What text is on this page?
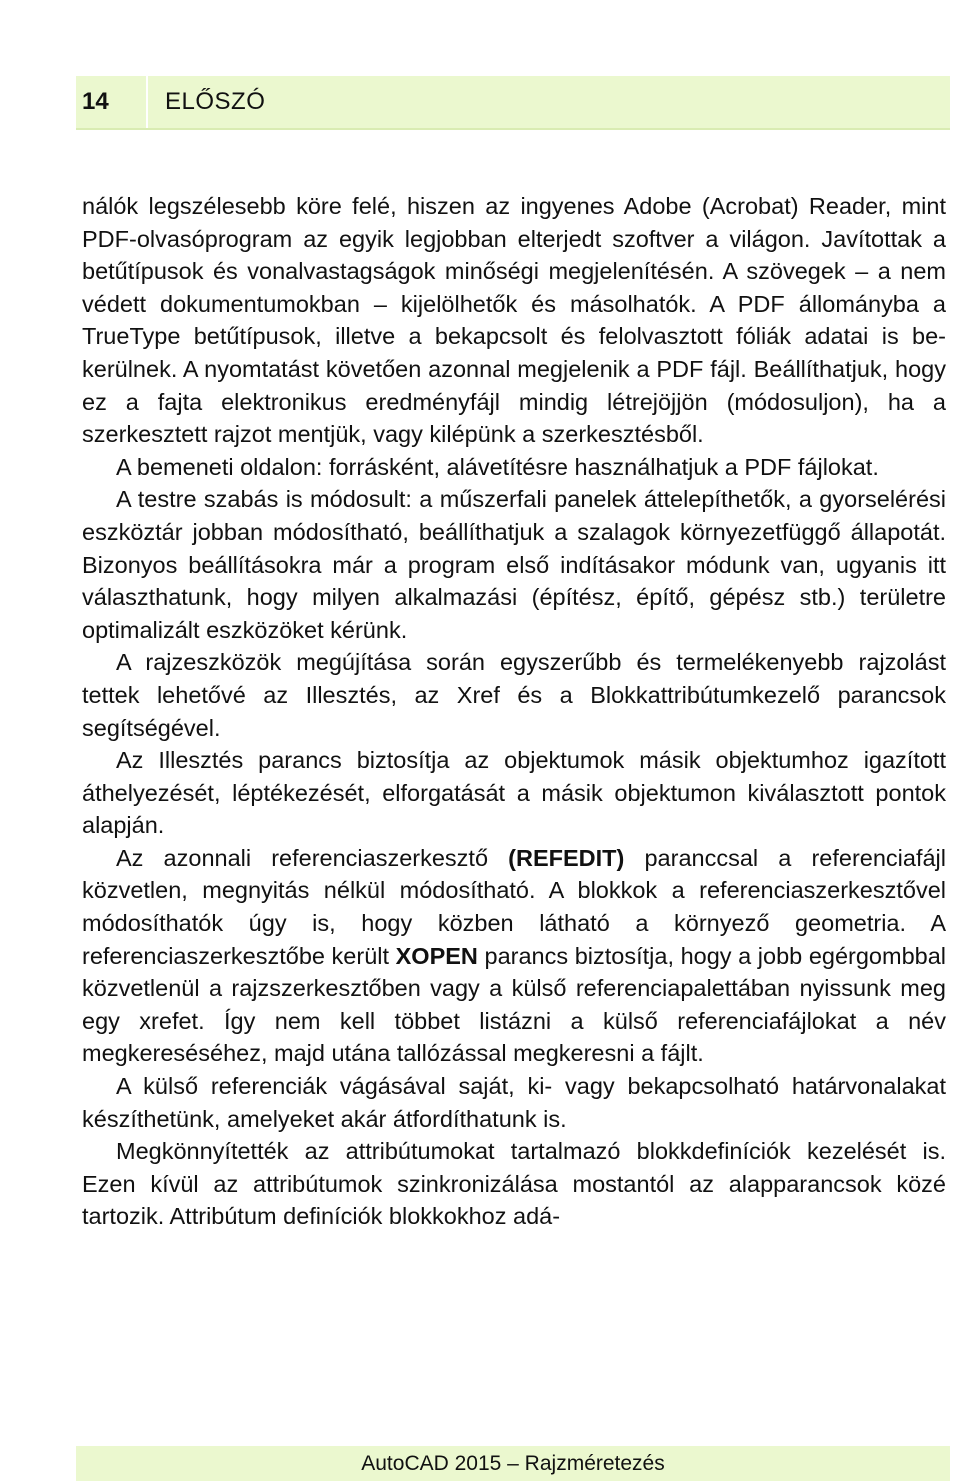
14 ELŐSZÓ

nálók legszélesebb köre felé, hiszen az ingyenes Adobe (Acrobat) Reader, mint PDF-olvasóprogram az egyik legjobban elterjedt szoftver a világon. Javítottak a betűtípusok és vonalvastagságok minőségi megjelenítésén. A szövegek – a nem védett dokumentumokban – kijelölhetők és másolhatók. A PDF állományba a TrueType betűtípusok, illetve a bekapcsolt és felolvasztott fóliák adatai is bekerülnek. A nyomtatást követően azonnal megjelenik a PDF fájl. Beállíthatjuk, hogy ez a fajta elektronikus eredményfájl mindig létrejöjjön (módosuljon), ha a szerkesztett rajzot mentjük, vagy kilépünk a szerkesztésből.

A bemeneti oldalon: forrásként, alávetítésre használhatjuk a PDF fájlokat.

A testre szabás is módosult: a műszerfali panelek áttelepíthetők, a gyorselérési eszköztár jobban módosítható, beállíthatjuk a szalagok környezetfüggő állapotát. Bizonyos beállításokra már a program első indításakor módunk van, ugyanis itt választhatunk, hogy milyen alkalmazási (építész, építő, gépész stb.) területre optimalizált eszközöket kérünk.

A rajzeszközök megújítása során egyszerűbb és termelékenyebb rajzolást tettek lehetővé az Illesztés, az Xref és a Blokkattribútumkezelő parancsok segítségével.

Az Illesztés parancs biztosítja az objektumok másik objektumhoz igazított áthelyezését, léptékezését, elforgatását a másik objektumon kiválasztott pontok alapján.

Az azonnali referenciaszerkesztő (REFEDIT) paranccsal a referenciafájl közvetlen, megnyitás nélkül módosítható. A blokkok a referenciaszerkesztővel módosíthatók úgy is, hogy közben látható a környező geometria. A referenciaszerkesztőbe került XOPEN parancs biztosítja, hogy a jobb egérgombbal közvetlenül a rajzszerkesztőben vagy a külső referenciapalettában nyissunk meg egy xrefet. Így nem kell többet listázni a külső referenciafájlokat a név megkereséséhez, majd utána tallózással megkeresni a fájlt.

A külső referenciák vágásával saját, ki- vagy bekapcsolható határvonalakat készíthetünk, amelyeket akár átfordíthatunk is.

Megkönnyítették az attribútumokat tartalmazó blokkdefiníciók kezelését is. Ezen kívül az attribútumok szinkronizálása mostantól az alapparancsok közé tartozik. Attribútum definíciók blokkokhoz adá-

AutoCAD 2015 – Rajzméretezés
